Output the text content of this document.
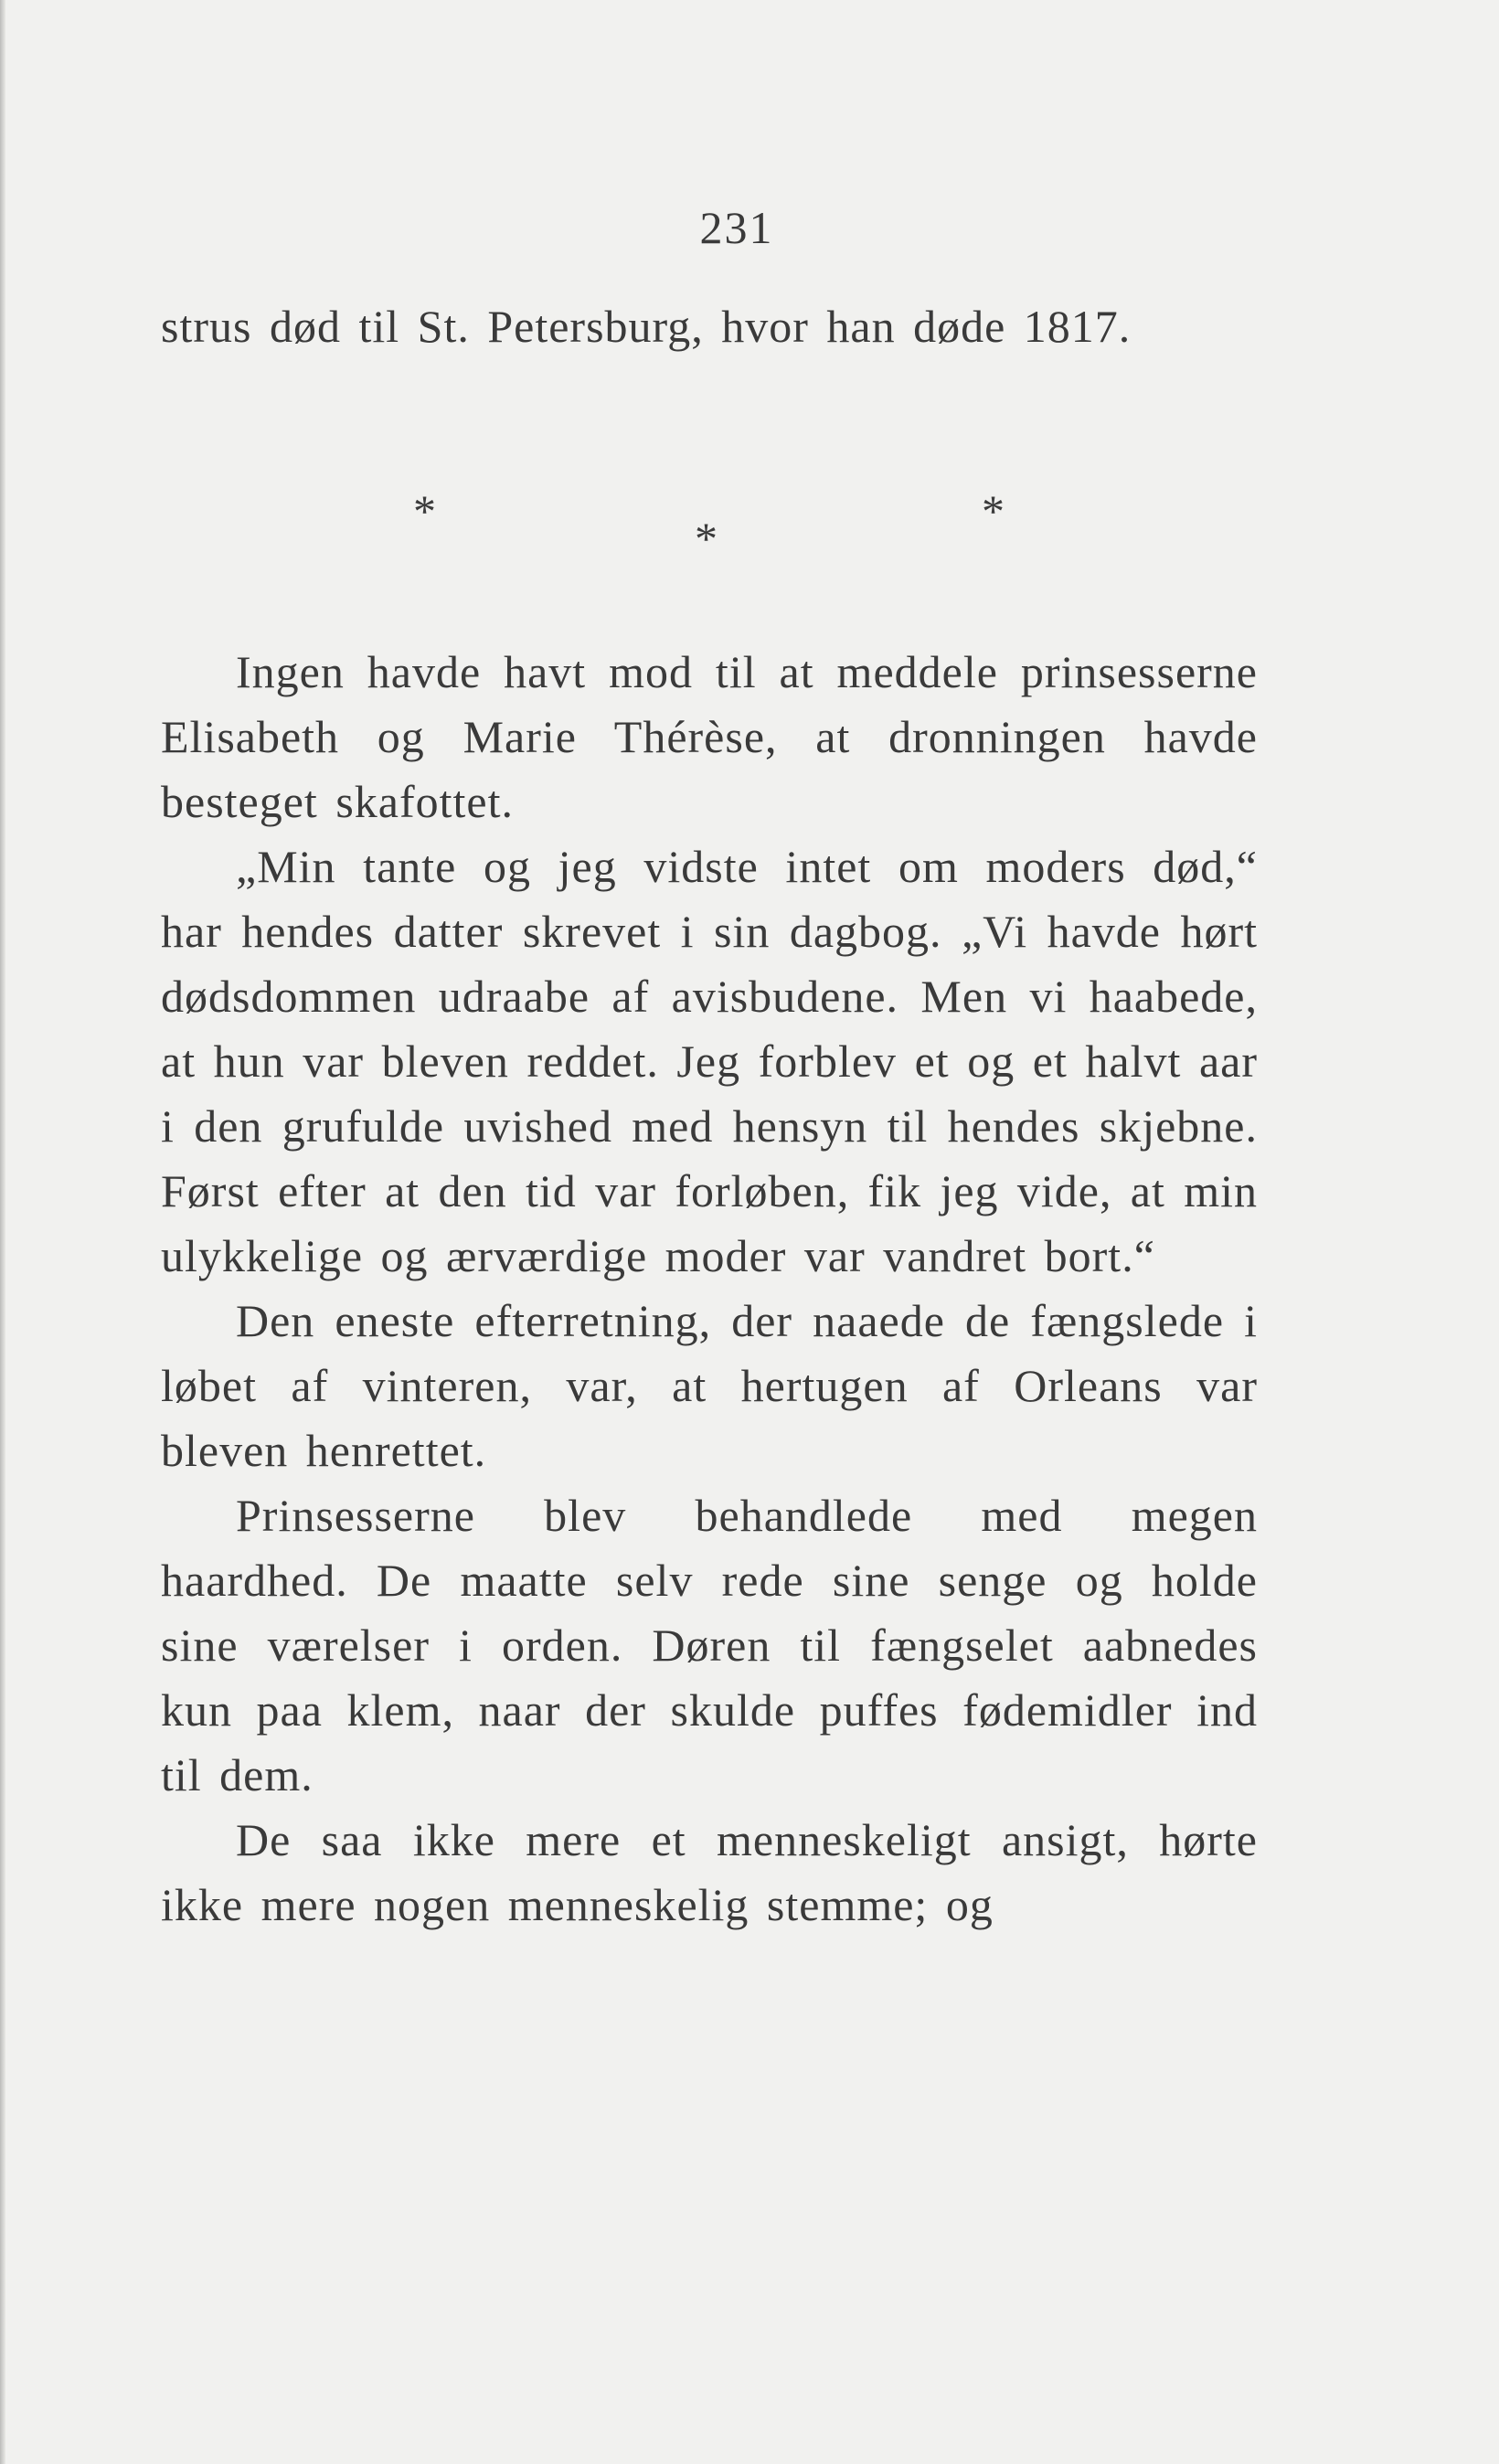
231

strus død til St. Petersburg, hvor han døde 1817.

*
*
*

Ingen havde havt mod til at meddele prinsesserne Elisabeth og Marie Thérèse, at dronningen havde besteget skafottet.

„Min tante og jeg vidste intet om moders død,“ har hendes datter skrevet i sin dagbog. „Vi havde hørt dødsdommen udraabe af avisbudene. Men vi haabede, at hun var bleven reddet. Jeg forblev et og et halvt aar i den grufulde uvished med hensyn til hendes skjebne. Først efter at den tid var forløben, fik jeg vide, at min ulykkelige og ærværdige moder var vandret bort.“

Den eneste efterretning, der naaede de fængslede i løbet af vinteren, var, at hertugen af Orleans var bleven henrettet.

Prinsesserne blev behandlede med megen haardhed. De maatte selv rede sine senge og holde sine værelser i orden. Døren til fængselet aabnedes kun paa klem, naar der skulde puffes fødemidler ind til dem.

De saa ikke mere et menneskeligt ansigt, hørte ikke mere nogen menneskelig stemme; og
